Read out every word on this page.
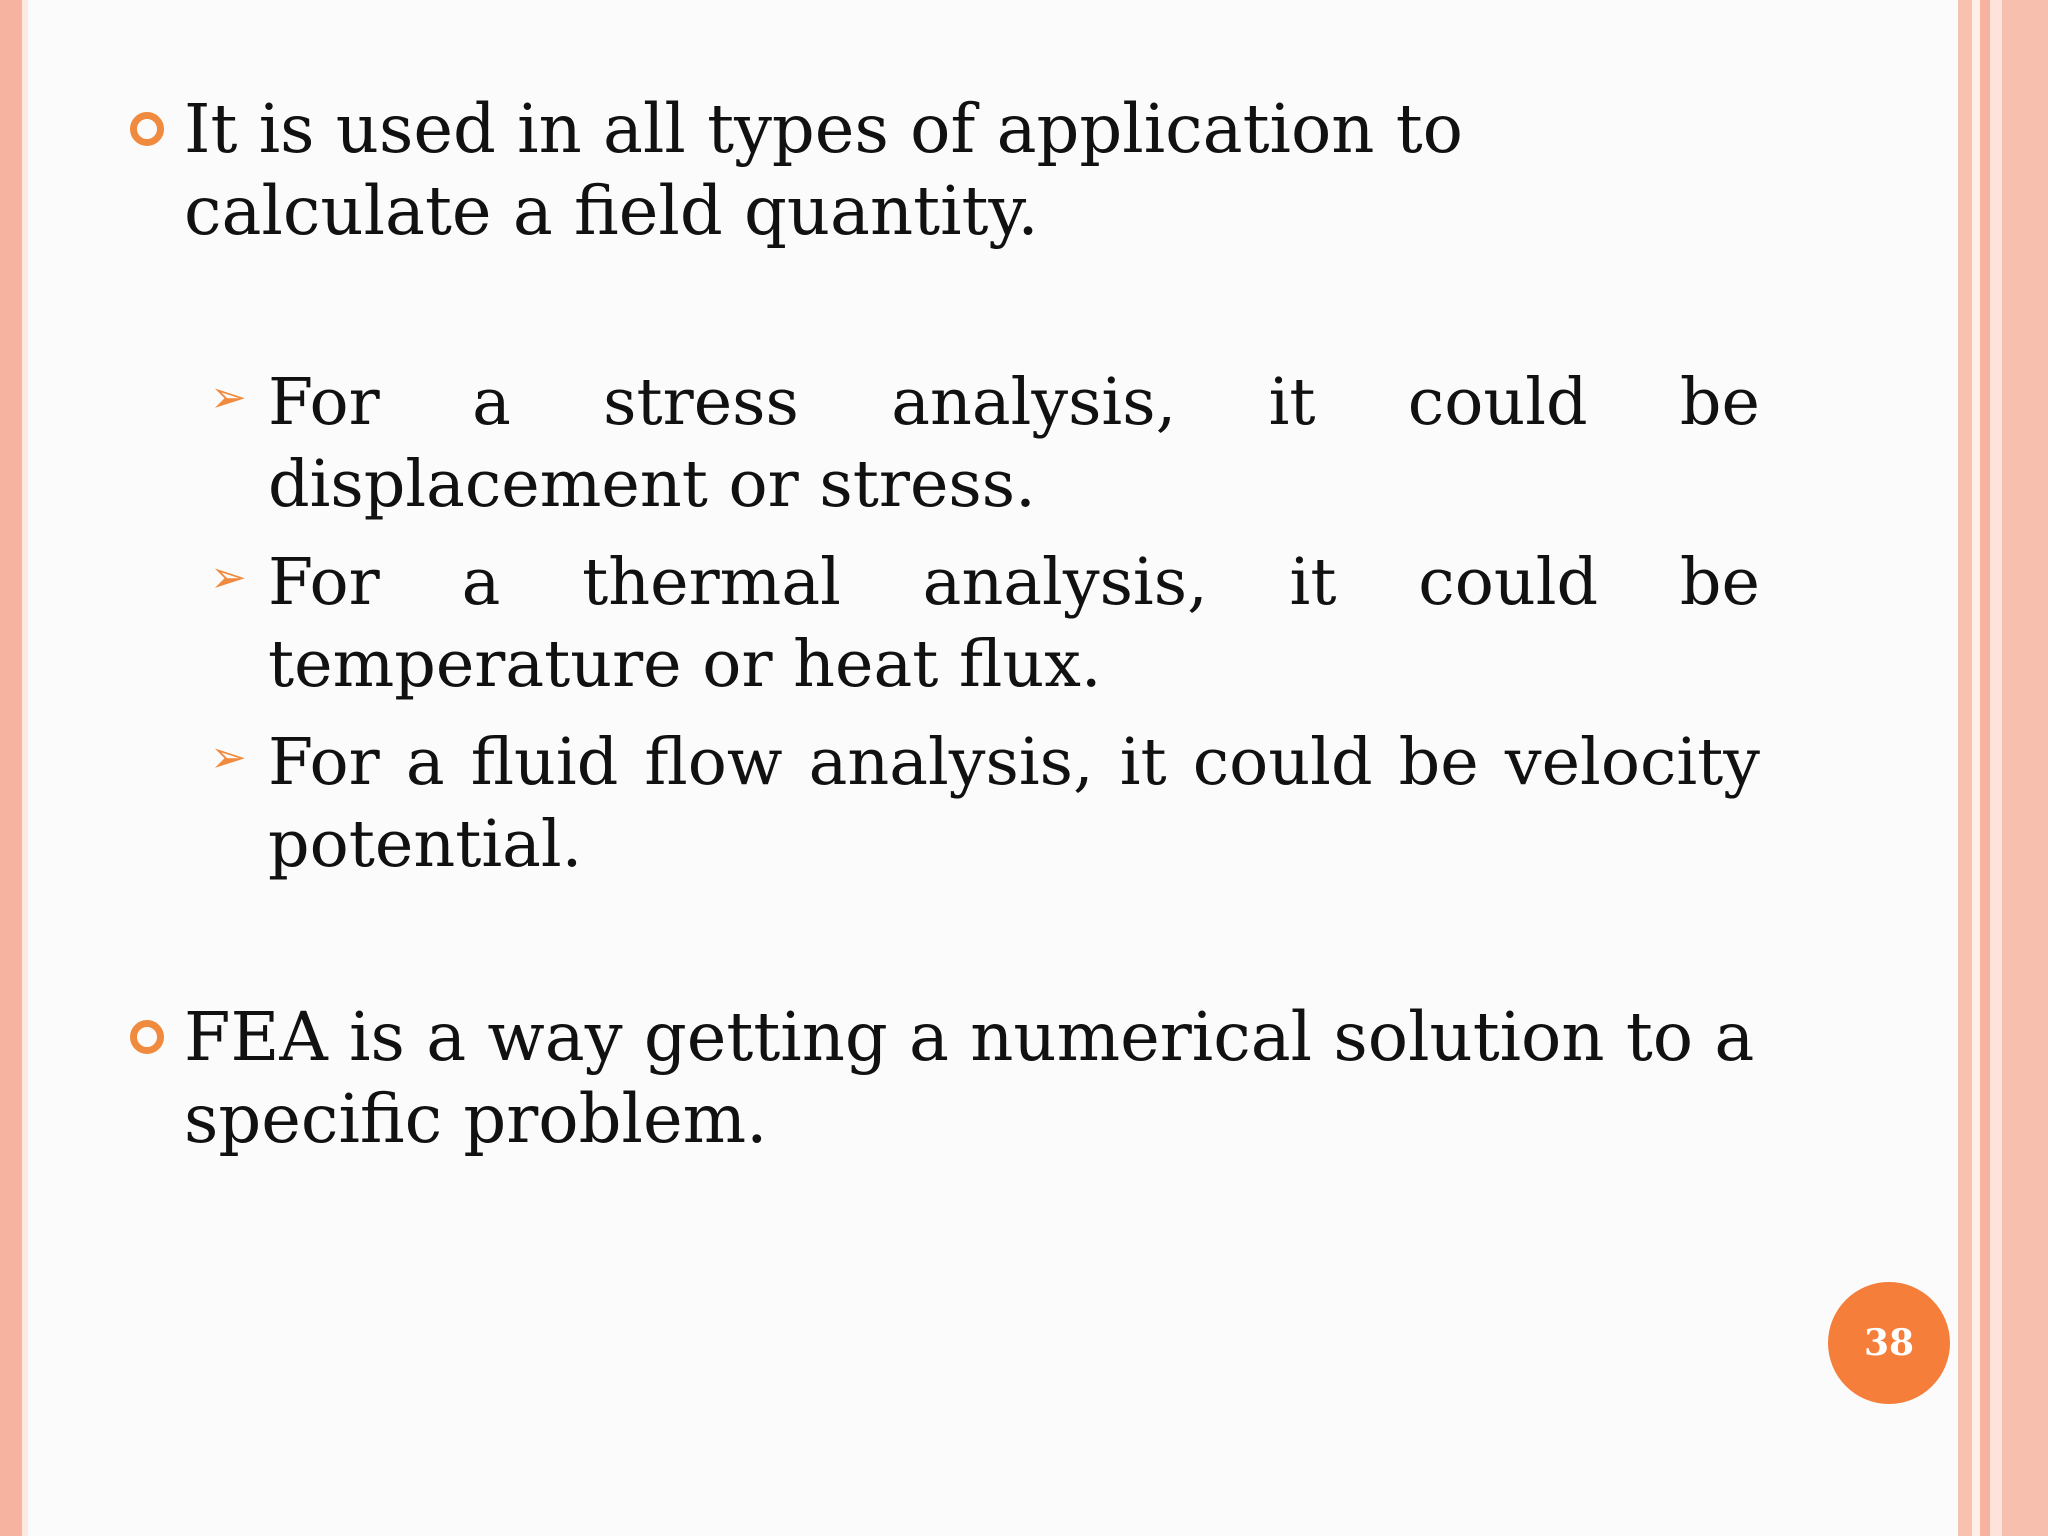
It is used in all types of application to calculate a field quantity.
➢ For a stress analysis, it could be displacement or stress.
➢ For a thermal analysis, it could be temperature or heat flux.
➢ For a fluid flow analysis, it could be velocity potential.
FEA is a way getting a numerical solution to a specific problem.
38
